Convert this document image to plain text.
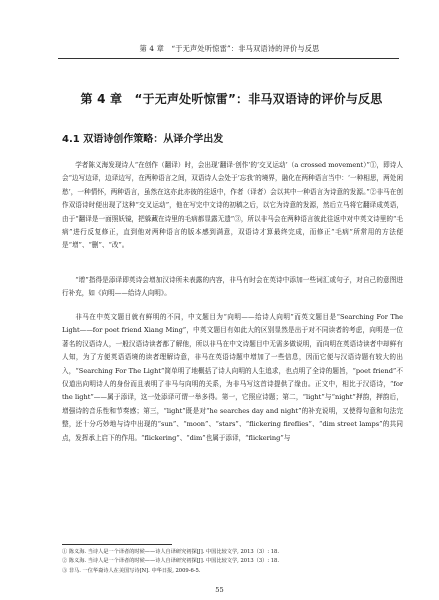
第 4 章　“于无声处听惊雷”：非马双语诗的评价与反思
第 4 章　“于无声处听惊雷”：非马双语诗的评价与反思
4.1 双语诗创作策略：从译介学出发

学者陈义海发现诗人“在创作（翻译）时，会出现‘翻译·创作’的‘交叉运动’（a crossed movement）”①，即诗人会“边写边译，边译边写，在两种语言之间，双语诗人会处于‘忘我’的境界，融化在两种语言当中：‘一种相思，两处闲愁’，一种情怀，两种语言，虽然在这亦此亦彼的往返中，作者（译者）会以其中一种语言为诗意的发源。”②非马在创作双语诗时便出现了这种“交叉运动”，他在写完中文诗的初稿之后，以它为诗意的发源，然后立马将它翻译成英语，由于“翻译是一面照妖镜，把躲藏在诗里的毛病都显露无遗”③，所以非马会在两种语言彼此往返中对中英文诗里的“毛病”进行反复修正，直到他对两种语言的版本感到满意，双语诗才算最终完成，而修正“毛病”所常用的方法便是“增”、“删”、“改”。

“增”指得是添译即英诗会增加汉诗所未表露的内容，非马有时会在英诗中添加一些词汇或句子，对自己的意图进行补充，如《向明——给诗人向明》。

非马在中英文题目就有鲜明的不同，中文题目为“向明——给诗人向明”而英文题目是“Searching For The Light——for poet friend Xiang Ming”，中英文题目有如此大的区别显然是出于对不同读者的考虑，向明是一位著名的汉语诗人，一般汉语诗读者都了解他，所以非马在中文诗题目中无需多做说明，而向明在英语诗读者中却鲜有人知，为了方便英语语境的读者理解诗意，非马在英语诗题中增加了一些信息，因而它便与汉语诗题有较大的出入，“Searching For The Light”简单明了地概括了诗人向明的人生追求，也点明了全诗的题旨，“poet friend”不仅道出向明诗人的身份而且表明了非马与向明的关系，为非马写这首诗提供了缘由。正文中，相比于汉语诗，“for the light”——属于添译，这一处添译可谓一举多得。第一，它照应诗题；第二，“light”与“night”押韵，押韵后，增强诗的音乐性和节奏感；第三，“light”既是对“he searches day and night”的补充说明，又使得句意和句法完整，还十分巧妙地与诗中出现的“sun”、“moon”、“stars”、“flickering fireflies”、“dim street lamps”的共同点，发挥承上启下的作用。“flickering”、“dim”也属于添译，“flickering”与

① 陈义海. 当诗人是一个译者的时候——诗人自译研究初探[J]. 中国比较文学, 2013（3）: 18.
② 陈义海. 当诗人是一个译者的时候——诗人自译研究初探[J]. 中国比较文学, 2013（3）: 18.
③ 非马. 一位华裔诗人在美国写诗[N]. 中华日报, 2009-6-5.
55
